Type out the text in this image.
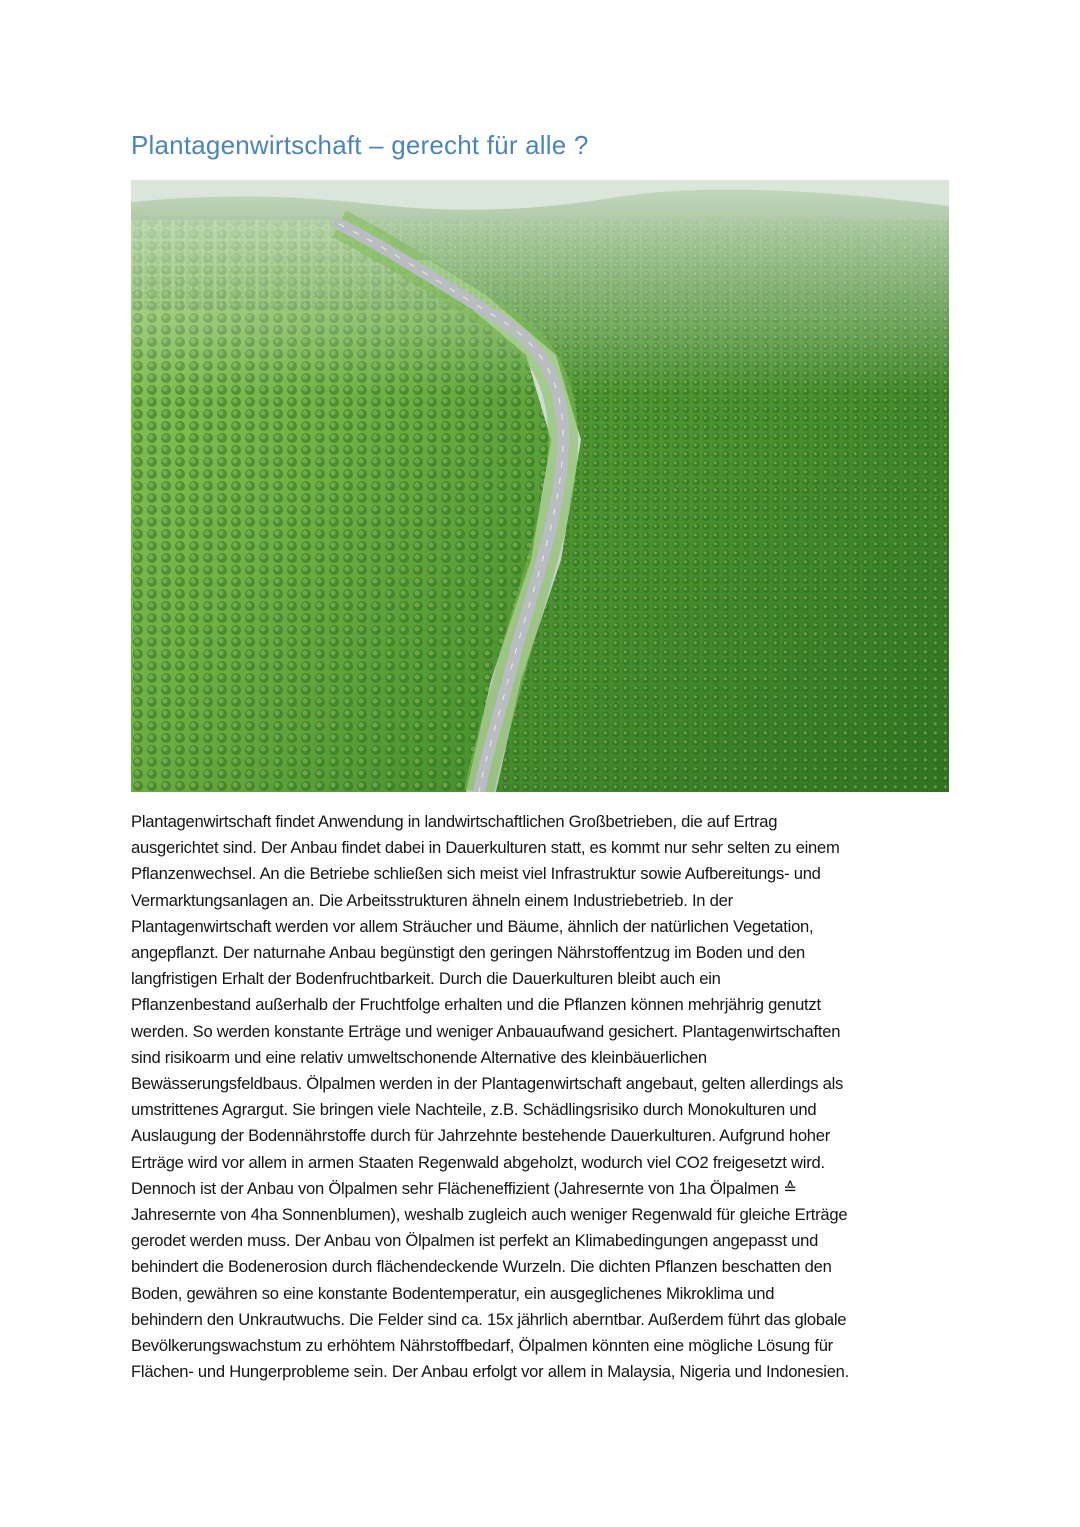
Plantagenwirtschaft – gerecht für alle ?
Plantagenwirtschaft findet Anwendung in landwirtschaftlichen Großbetrieben, die auf Ertrag
ausgerichtet sind. Der Anbau findet dabei in Dauerkulturen statt, es kommt nur sehr selten zu einem
Pflanzenwechsel. An die Betriebe schließen sich meist viel Infrastruktur sowie Aufbereitungs- und
Vermarktungsanlagen an. Die Arbeitsstrukturen ähneln einem Industriebetrieb. In der
Plantagenwirtschaft werden vor allem Sträucher und Bäume, ähnlich der natürlichen Vegetation,
angepflanzt. Der naturnahe Anbau begünstigt den geringen Nährstoffentzug im Boden und den
langfristigen Erhalt der Bodenfruchtbarkeit. Durch die Dauerkulturen bleibt auch ein
Pflanzenbestand außerhalb der Fruchtfolge erhalten und die Pflanzen können mehrjährig genutzt
werden. So werden konstante Erträge und weniger Anbauaufwand gesichert. Plantagenwirtschaften
sind risikoarm und eine relativ umweltschonende Alternative des kleinbäuerlichen
Bewässerungsfeldbaus. Ölpalmen werden in der Plantagenwirtschaft angebaut, gelten allerdings als
umstrittenes Agrargut. Sie bringen viele Nachteile, z.B. Schädlingsrisiko durch Monokulturen und
Auslaugung der Bodennährstoffe durch für Jahrzehnte bestehende Dauerkulturen. Aufgrund hoher
Erträge wird vor allem in armen Staaten Regenwald abgeholzt, wodurch viel CO2 freigesetzt wird.
Dennoch ist der Anbau von Ölpalmen sehr Flächeneffizient (Jahresernte von 1ha Ölpalmen ≙
Jahresernte von 4ha Sonnenblumen), weshalb zugleich auch weniger Regenwald für gleiche Erträge
gerodet werden muss. Der Anbau von Ölpalmen ist perfekt an Klimabedingungen angepasst und
behindert die Bodenerosion durch flächendeckende Wurzeln. Die dichten Pflanzen beschatten den
Boden, gewähren so eine konstante Bodentemperatur, ein ausgeglichenes Mikroklima und
behindern den Unkrautwuchs. Die Felder sind ca. 15x jährlich aberntbar. Außerdem führt das globale
Bevölkerungswachstum zu erhöhtem Nährstoffbedarf, Ölpalmen könnten eine mögliche Lösung für
Flächen- und Hungerprobleme sein. Der Anbau erfolgt vor allem in Malaysia, Nigeria und Indonesien.
